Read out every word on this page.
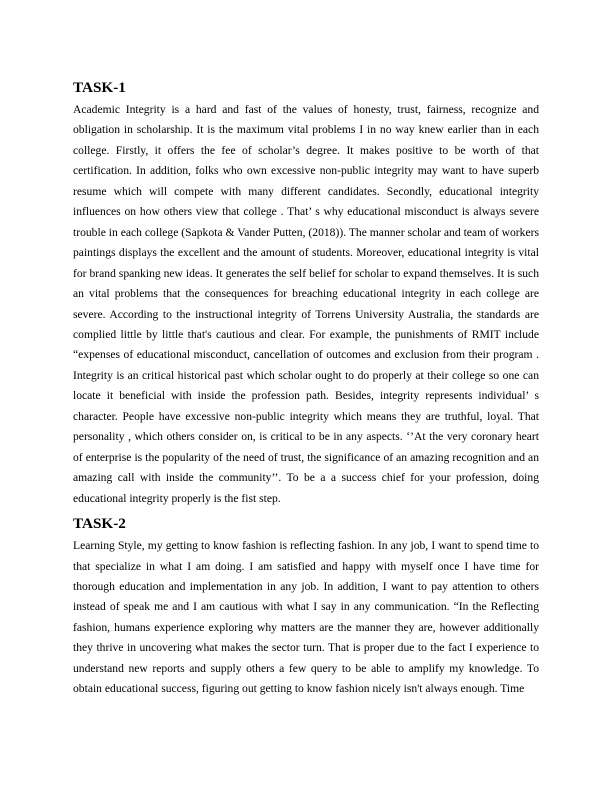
TASK-1

Academic Integrity is a hard and fast of the values of honesty, trust, fairness, recognize and obligation in scholarship. It is the maximum vital problems I in no way knew earlier than in each college. Firstly, it offers the fee of scholar’s degree. It makes positive to be worth of that certification. In addition, folks who own excessive non-public integrity may want to have superb resume which will compete with many different candidates. Secondly, educational integrity influences on how others view that college . That’ s why educational misconduct is always severe trouble in each college (Sapkota & Vander Putten, (2018)). The manner scholar and team of workers paintings displays the excellent and the amount of students. Moreover, educational integrity is vital for brand spanking new ideas. It generates the self belief for scholar to expand themselves. It is such an vital problems that the consequences for breaching educational integrity in each college are severe. According to the instructional integrity of Torrens University Australia, the standards are complied little by little that's cautious and clear. For example, the punishments of RMIT include “expenses of educational misconduct, cancellation of outcomes and exclusion from their program . Integrity is an critical historical past which scholar ought to do properly at their college so one can locate it beneficial with inside the profession path. Besides, integrity represents individual’ s character. People have excessive non-public integrity which means they are truthful, loyal. That personality , which others consider on, is critical to be in any aspects. ‘’At the very coronary heart of enterprise is the popularity of the need of trust, the significance of an amazing recognition and an amazing call with inside the community’’. To be a a success chief for your profession, doing educational integrity properly is the fist step.

TASK-2

Learning Style, my getting to know fashion is reflecting fashion. In any job, I want to spend time to that specialize in what I am doing. I am satisfied and happy with myself once I have time for thorough education and implementation in any job. In addition, I want to pay attention to others instead of speak me and I am cautious with what I say in any communication. “In the Reflecting fashion, humans experience exploring why matters are the manner they are, however additionally they thrive in uncovering what makes the sector turn. That is proper due to the fact I experience to understand new reports and supply others a few query to be able to amplify my knowledge. To obtain educational success, figuring out getting to know fashion nicely isn't always enough. Time
